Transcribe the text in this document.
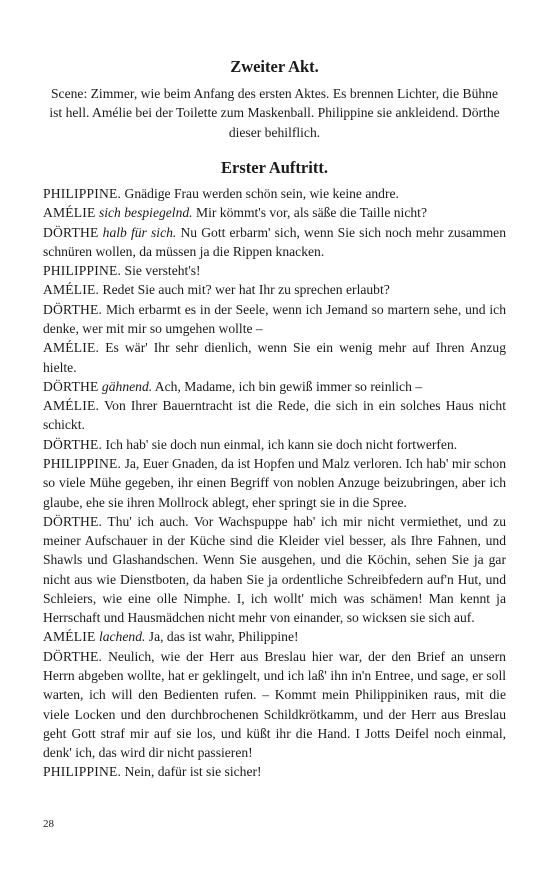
Zweiter Akt.

Scene: Zimmer, wie beim Anfang des ersten Aktes. Es brennen Lichter, die Bühne ist hell. Amélie bei der Toilette zum Maskenball. Philippine sie ankleidend. Dörthe dieser behilflich.

Erster Auftritt.

PHILIPPINE. Gnädige Frau werden schön sein, wie keine andre.

AMÉLIE sich bespiegelnd. Mir kömmt's vor, als säße die Taille nicht?

DÖRTHE halb für sich. Nu Gott erbarm' sich, wenn Sie sich noch mehr zusammen schnüren wollen, da müssen ja die Rippen knacken.

PHILIPPINE. Sie versteht's!

AMÉLIE. Redet Sie auch mit? wer hat Ihr zu sprechen erlaubt?

DÖRTHE. Mich erbarmt es in der Seele, wenn ich Jemand so martern sehe, und ich denke, wer mit mir so umgehen wollte –

AMÉLIE. Es wär' Ihr sehr dienlich, wenn Sie ein wenig mehr auf Ihren Anzug hielte.

DÖRTHE gähnend. Ach, Madame, ich bin gewiß immer so reinlich –

AMÉLIE. Von Ihrer Bauerntracht ist die Rede, die sich in ein solches Haus nicht schickt.

DÖRTHE. Ich hab' sie doch nun einmal, ich kann sie doch nicht fortwerfen.

PHILIPPINE. Ja, Euer Gnaden, da ist Hopfen und Malz verloren. Ich hab' mir schon so viele Mühe gegeben, ihr einen Begriff von noblen Anzuge beizubringen, aber ich glaube, ehe sie ihren Mollrock ablegt, eher springt sie in die Spree.

DÖRTHE. Thu' ich auch. Vor Wachspuppe hab' ich mir nicht vermiethet, und zu meiner Aufschauer in der Küche sind die Kleider viel besser, als Ihre Fahnen, und Shawls und Glashandschen. Wenn Sie ausgehen, und die Köchin, sehen Sie ja gar nicht aus wie Dienstboten, da haben Sie ja ordentliche Schreibfedern auf'n Hut, und Schleiers, wie eine olle Nimphe. I, ich wollt' mich was schämen! Man kennt ja Herrschaft und Hausmädchen nicht mehr von einander, so wicksen sie sich auf.

AMÉLIE lachend. Ja, das ist wahr, Philippine!

DÖRTHE. Neulich, wie der Herr aus Breslau hier war, der den Brief an unsern Herrn abgeben wollte, hat er geklingelt, und ich laß' ihn in'n Entree, und sage, er soll warten, ich will den Bedienten rufen. – Kommt mein Philippiniken raus, mit die viele Locken und den durchbrochenen Schildkrötkamm, und der Herr aus Breslau geht Gott straf mir auf sie los, und küßt ihr die Hand. I Jotts Deifel noch einmal, denk' ich, das wird dir nicht passieren!

PHILIPPINE. Nein, dafür ist sie sicher!

28
